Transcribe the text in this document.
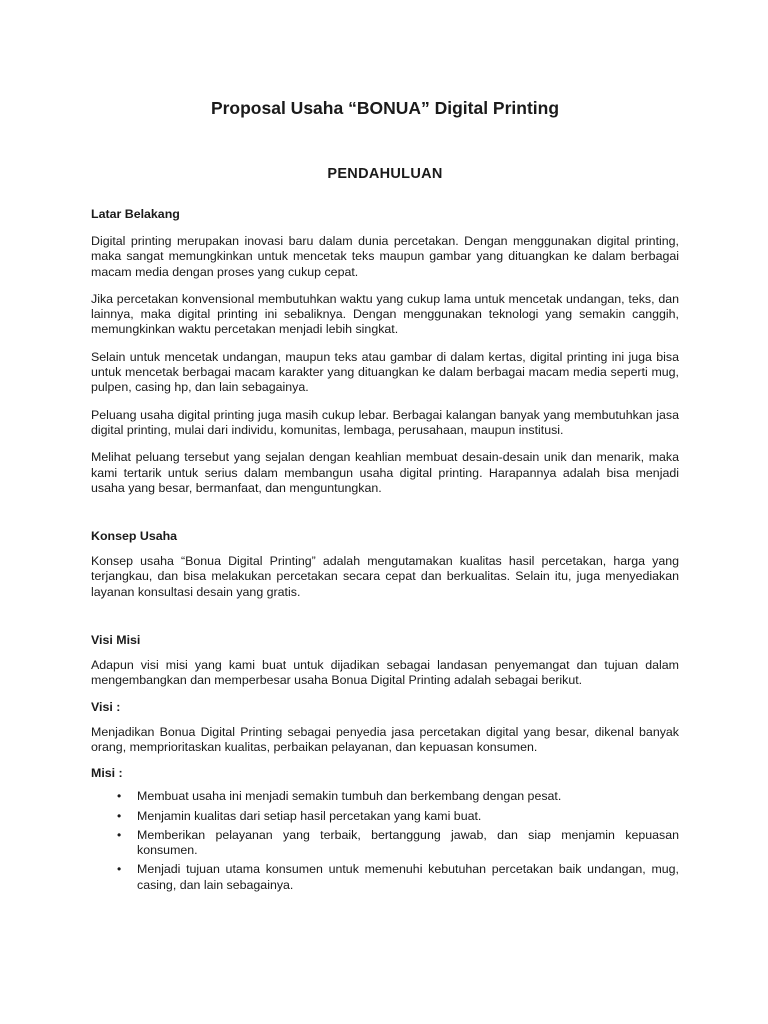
Proposal Usaha “BONUA” Digital Printing
PENDAHULUAN
Latar Belakang

Digital printing merupakan inovasi baru dalam dunia percetakan. Dengan menggunakan digital printing, maka sangat memungkinkan untuk mencetak teks maupun gambar yang dituangkan ke dalam berbagai macam media dengan proses yang cukup cepat.

Jika percetakan konvensional membutuhkan waktu yang cukup lama untuk mencetak undangan, teks, dan lainnya, maka digital printing ini sebaliknya. Dengan menggunakan teknologi yang semakin canggih, memungkinkan waktu percetakan menjadi lebih singkat.

Selain untuk mencetak undangan, maupun teks atau gambar di dalam kertas, digital printing ini juga bisa untuk mencetak berbagai macam karakter yang dituangkan ke dalam berbagai macam media seperti mug, pulpen, casing hp, dan lain sebagainya.

Peluang usaha digital printing juga masih cukup lebar. Berbagai kalangan banyak yang membutuhkan jasa digital printing, mulai dari individu, komunitas, lembaga, perusahaan, maupun institusi.

Melihat peluang tersebut yang sejalan dengan keahlian membuat desain-desain unik dan menarik, maka kami tertarik untuk serius dalam membangun usaha digital printing. Harapannya adalah bisa menjadi usaha yang besar, bermanfaat, dan menguntungkan.

Konsep Usaha

Konsep usaha “Bonua Digital Printing” adalah mengutamakan kualitas hasil percetakan, harga yang terjangkau, dan bisa melakukan percetakan secara cepat dan berkualitas. Selain itu, juga menyediakan layanan konsultasi desain yang gratis.

Visi Misi

Adapun visi misi yang kami buat untuk dijadikan sebagai landasan penyemangat dan tujuan dalam mengembangkan dan memperbesar usaha Bonua Digital Printing adalah sebagai berikut.

Visi :

Menjadikan Bonua Digital Printing sebagai penyedia jasa percetakan digital yang besar, dikenal banyak orang, memprioritaskan kualitas, perbaikan pelayanan, dan kepuasan konsumen.

Misi :
• Membuat usaha ini menjadi semakin tumbuh dan berkembang dengan pesat.
• Menjamin kualitas dari setiap hasil percetakan yang kami buat.
• Memberikan pelayanan yang terbaik, bertanggung jawab, dan siap menjamin kepuasan konsumen.
• Menjadi tujuan utama konsumen untuk memenuhi kebutuhan percetakan baik undangan, mug, casing, dan lain sebagainya.
